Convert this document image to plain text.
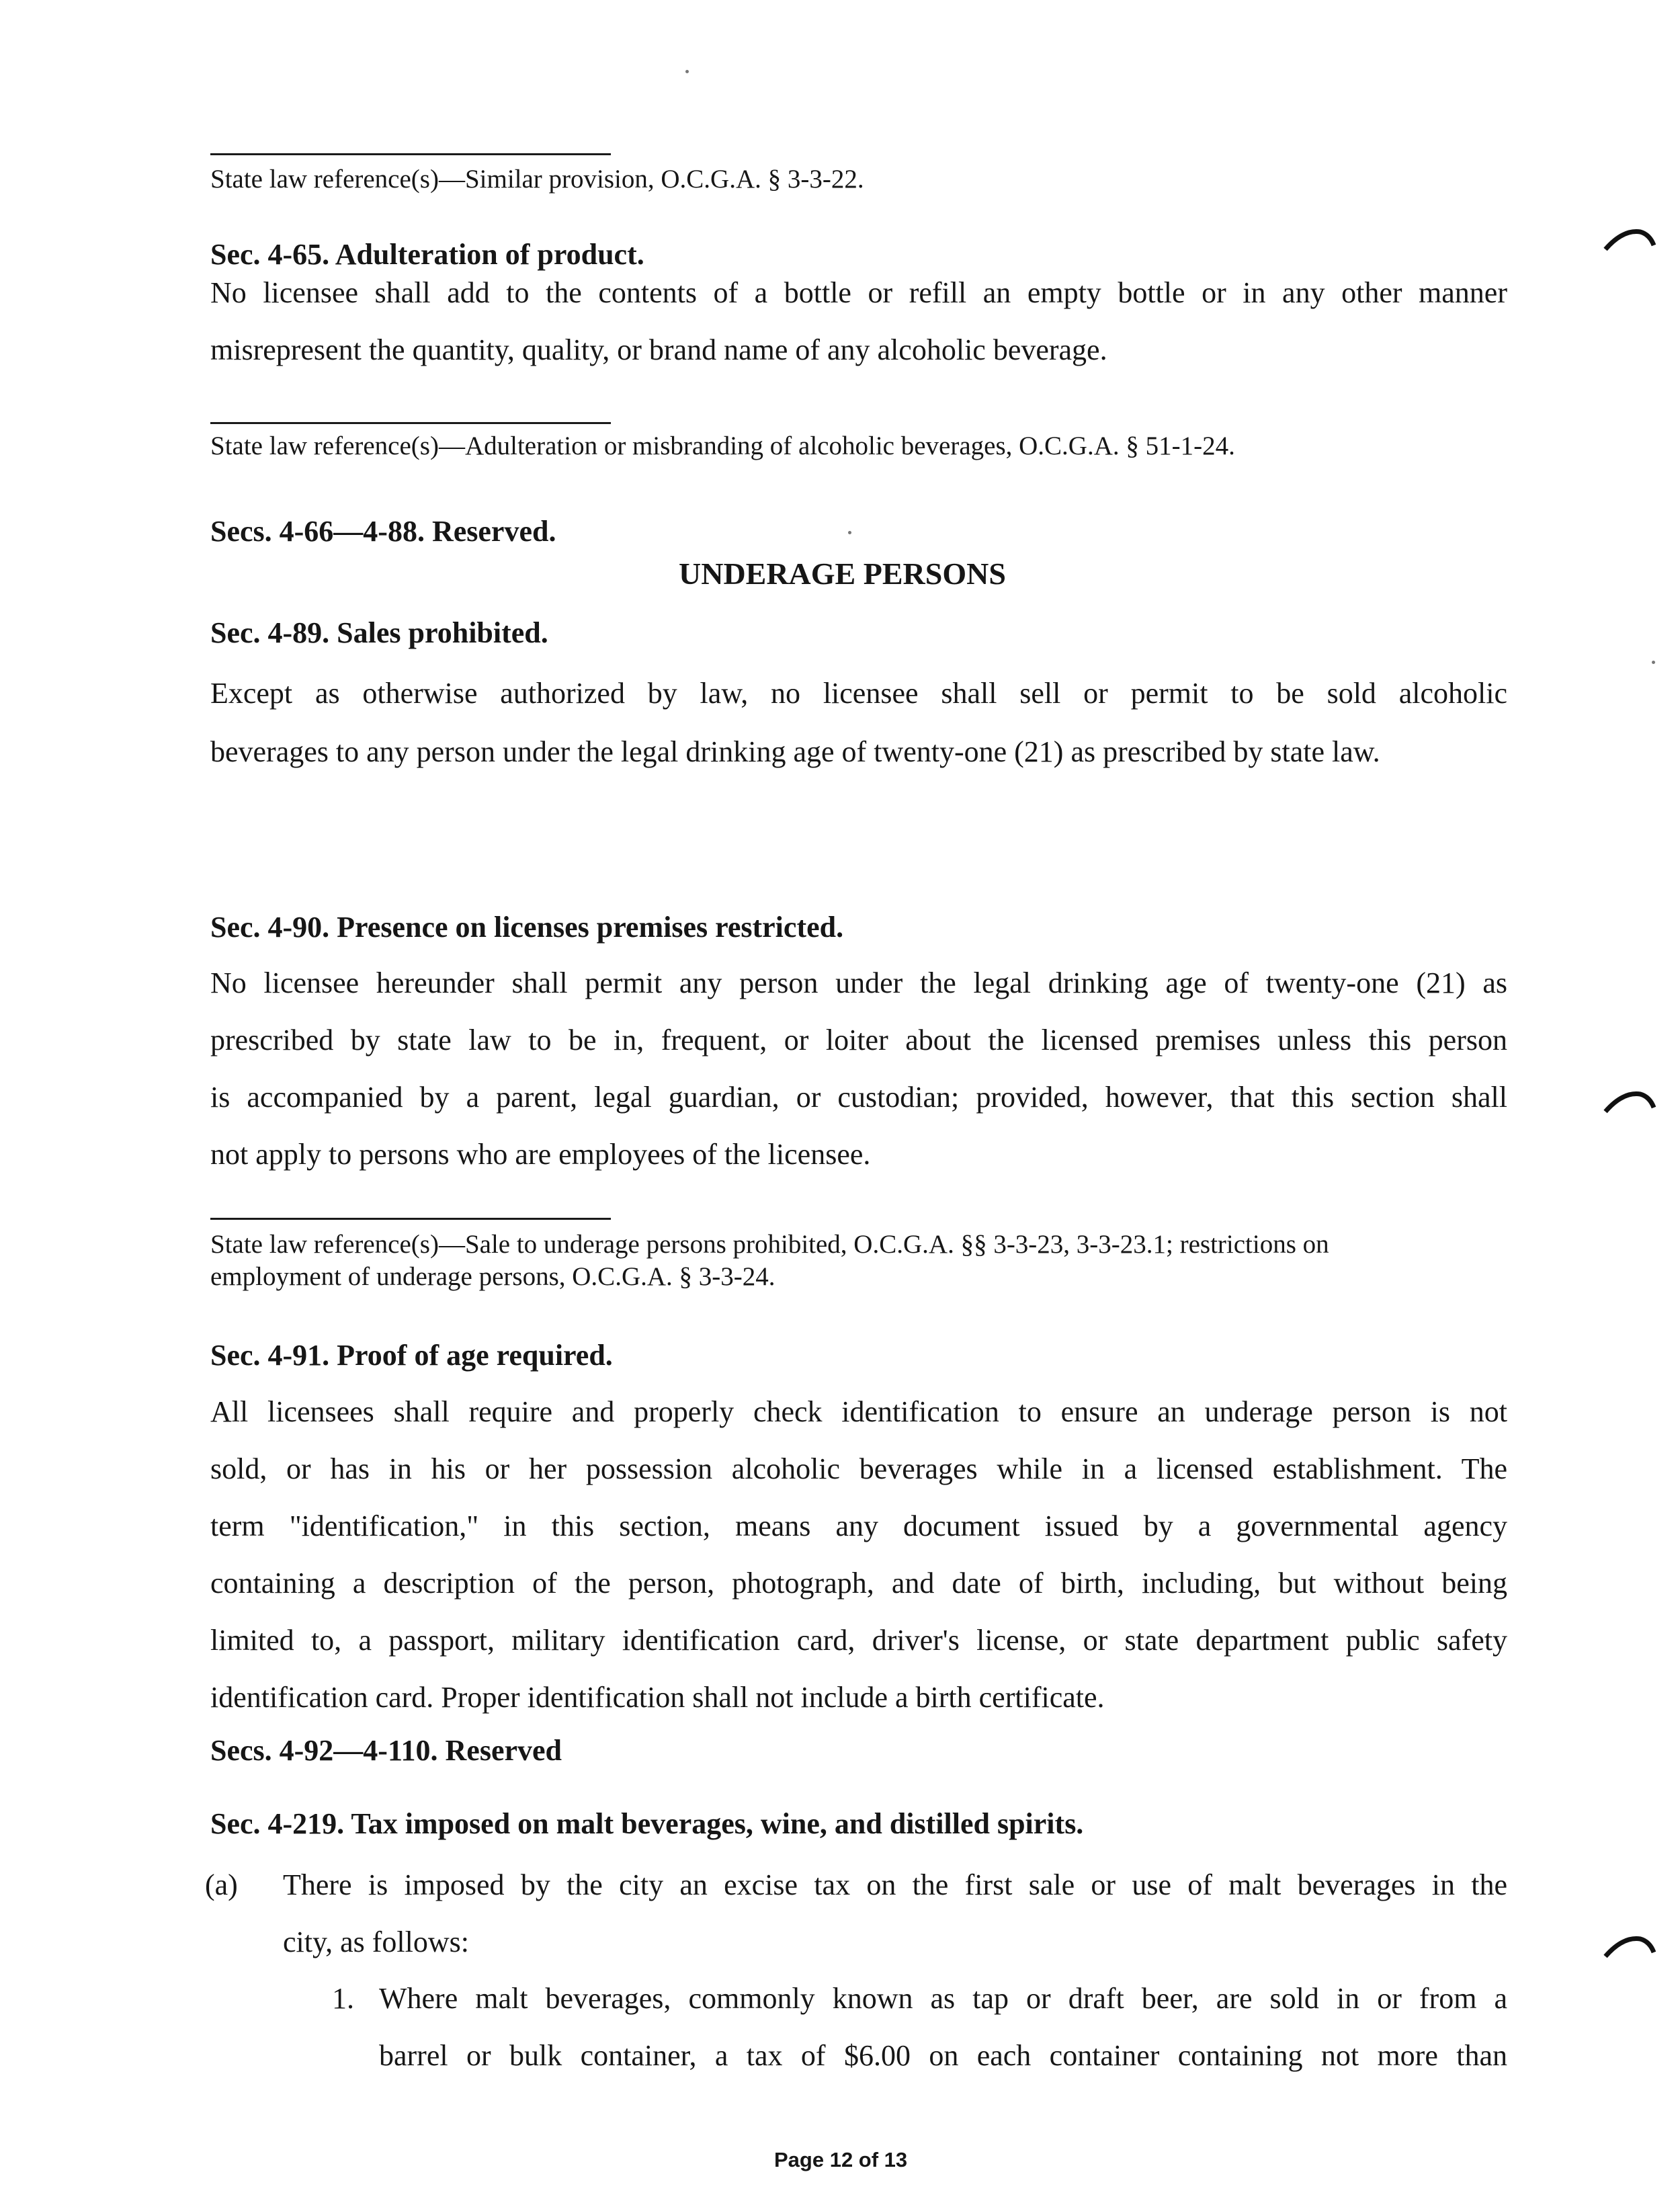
State law reference(s)—Similar provision, O.C.G.A. § 3-3-22.
Sec. 4-65. Adulteration of product.
No licensee shall add to the contents of a bottle or refill an empty bottle or in any other manner
misrepresent the quantity, quality, or brand name of any alcoholic beverage.
State law reference(s)—Adulteration or misbranding of alcoholic beverages, O.C.G.A. § 51-1-24.
Secs. 4-66—4-88. Reserved.
UNDERAGE PERSONS
Sec. 4-89. Sales prohibited.
Except as otherwise authorized by law, no licensee shall sell or permit to be sold alcoholic
beverages to any person under the legal drinking age of twenty-one (21) as prescribed by state law.
Sec. 4-90. Presence on licenses premises restricted.
No licensee hereunder shall permit any person under the legal drinking age of twenty-one (21) as
prescribed by state law to be in, frequent, or loiter about the licensed premises unless this person
is accompanied by a parent, legal guardian, or custodian; provided, however, that this section shall
not apply to persons who are employees of the licensee.
State law reference(s)—Sale to underage persons prohibited, O.C.G.A. §§ 3-3-23, 3-3-23.1; restrictions on
employment of underage persons, O.C.G.A. § 3-3-24.
Sec. 4-91. Proof of age required.
All licensees shall require and properly check identification to ensure an underage person is not
sold, or has in his or her possession alcoholic beverages while in a licensed establishment. The
term "identification," in this section, means any document issued by a governmental agency
containing a description of the person, photograph, and date of birth, including, but without being
limited to, a passport, military identification card, driver's license, or state department public safety
identification card. Proper identification shall not include a birth certificate.
Secs. 4-92—4-110. Reserved
Sec. 4-219. Tax imposed on malt beverages, wine, and distilled spirits.
(a) There is imposed by the city an excise tax on the first sale or use of malt beverages in the
city, as follows:
1. Where malt beverages, commonly known as tap or draft beer, are sold in or from a
barrel or bulk container, a tax of $6.00 on each container containing not more than
Page 12 of 13
